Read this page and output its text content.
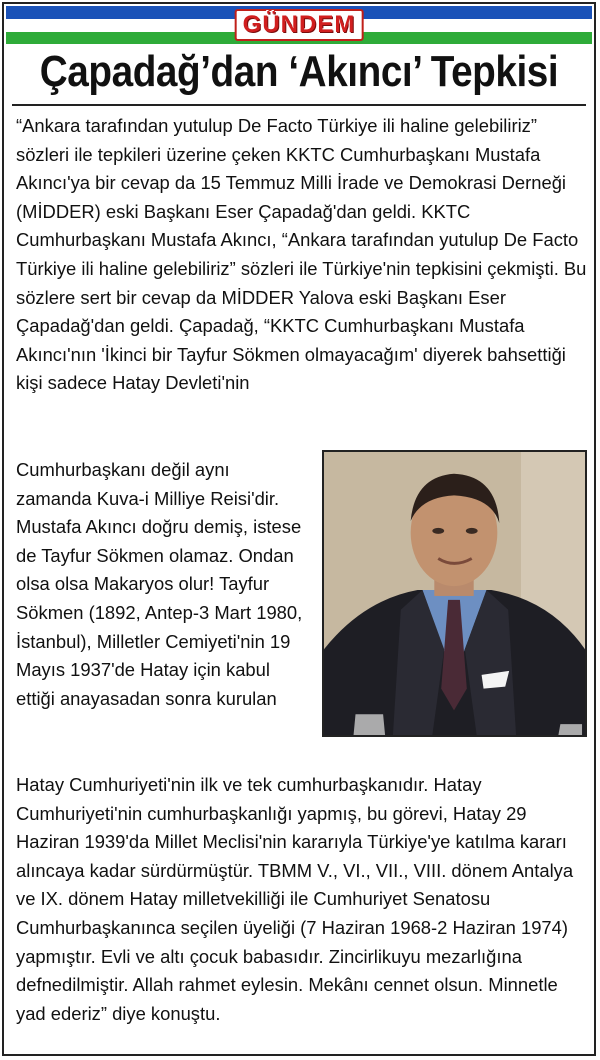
GÜNDEM
Çapadağ’dan ‘Akıncı’ Tepkisi
“Ankara tarafından yutulup De Facto Türkiye ili haline gelebiliriz” sözleri ile tepkileri üzerine çeken KKTC Cumhurbaşkanı Mustafa Akıncı'ya bir cevap da 15 Temmuz Milli İrade ve Demokrasi Derneği (MİDDER) eski Başkanı Eser Çapadağ'dan geldi. KKTC Cumhurbaşkanı Mustafa Akıncı, “Ankara tarafından yutulup De Facto Türkiye ili haline gelebiliriz” sözleri ile Türkiye'nin tepkisini çekmişti. Bu sözlere sert bir cevap da MİDDER Yalova eski Başkanı Eser Çapadağ'dan geldi. Çapadağ, “KKTC Cumhurbaşkanı Mustafa Akıncı'nın 'İkinci bir Tayfur Sökmen olmayacağım' diyerek bahsettiği kişi sadece Hatay Devleti'nin
Cumhurbaşkanı değil aynı zamanda Kuva-i Milliye Reisi'dir. Mustafa Akıncı doğru demiş, istese de Tayfur Sökmen olamaz. Ondan olsa olsa Makaryos olur! Tayfur Sökmen (1892, Antep-3 Mart 1980, İstanbul), Milletler Cemiyeti'nin 19 Mayıs 1937'de Hatay için kabul ettiği anayasadan sonra kurulan
Hatay Cumhuriyeti'nin ilk ve tek cumhurbaşkanıdır. Hatay Cumhuriyeti'nin cumhurbaşkanlığı yapmış, bu görevi, Hatay 29 Haziran 1939'da Millet Meclisi'nin kararıyla Türkiye'ye katılma kararı alıncaya kadar sürdürmüştür. TBMM V., VI., VII., VIII. dönem Antalya ve IX. dönem Hatay milletvekilliği ile Cumhuriyet Senatosu Cumhurbaşkanınca seçilen üyeliği (7 Haziran 1968-2 Haziran 1974) yapmıştır. Evli ve altı çocuk babasıdır. Zincirlikuyu mezarlığına defnedilmiştir. Allah rahmet eylesin. Mekânı cennet olsun. Minnetle yad ederiz” diye konuştu.
